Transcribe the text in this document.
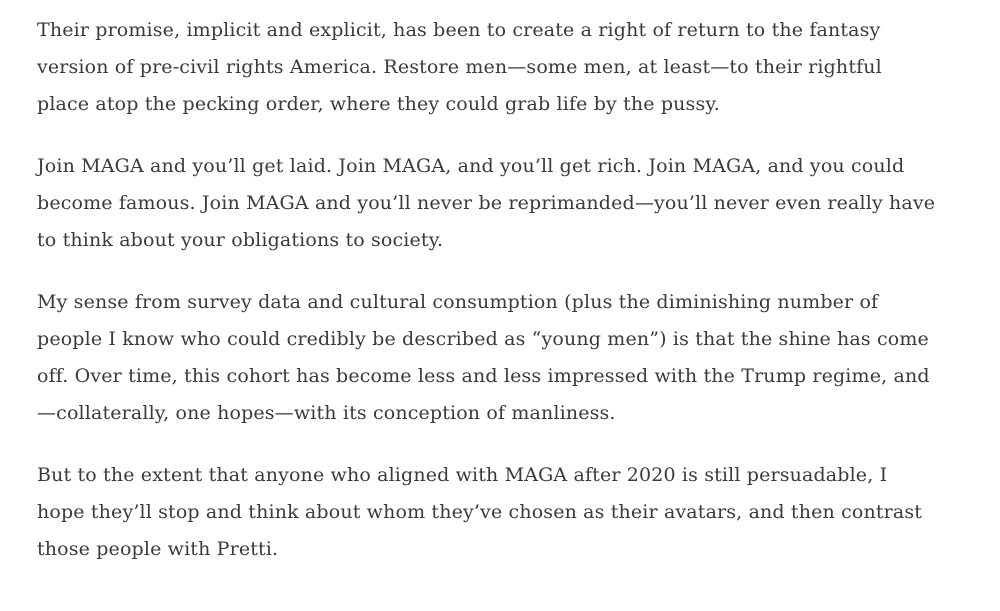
Their promise, implicit and explicit, has been to create a right of return to the fantasy version of pre-civil rights America. Restore men—some men, at least—to their rightful place atop the pecking order, where they could grab life by the pussy.

Join MAGA and you’ll get laid. Join MAGA, and you’ll get rich. Join MAGA, and you could become famous. Join MAGA and you’ll never be reprimanded—you’ll never even really have to think about your obligations to society.

My sense from survey data and cultural consumption (plus the diminishing number of people I know who could credibly be described as “young men”) is that the shine has come off. Over time, this cohort has become less and less impressed with the Trump regime, and—collaterally, one hopes—with its conception of manliness.

But to the extent that anyone who aligned with MAGA after 2020 is still persuadable, I hope they’ll stop and think about whom they’ve chosen as their avatars, and then contrast those people with Pretti.
